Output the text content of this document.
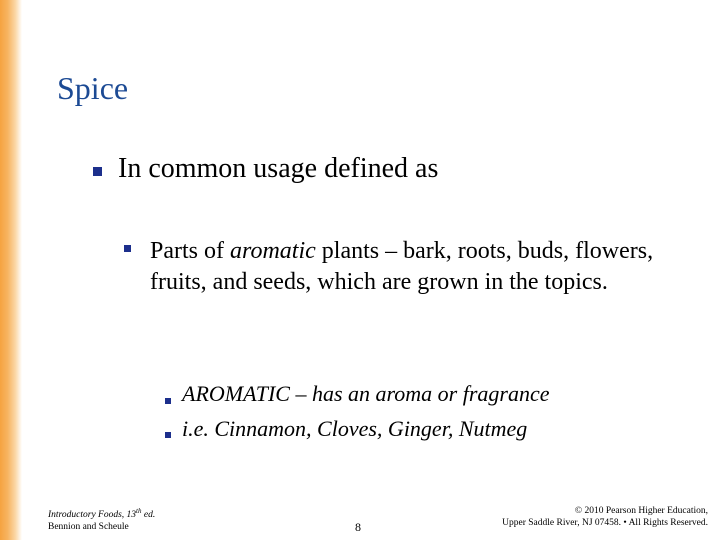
Spice
In common usage defined as
Parts of aromatic plants – bark, roots, buds, flowers, fruits, and seeds, which are grown in the topics.
AROMATIC – has an aroma or fragrance
i.e. Cinnamon, Cloves, Ginger, Nutmeg
Introductory Foods, 13th ed.
Bennion and Scheule	8
© 2010 Pearson Higher Education,
Upper Saddle River, NJ 07458. • All Rights Reserved.
